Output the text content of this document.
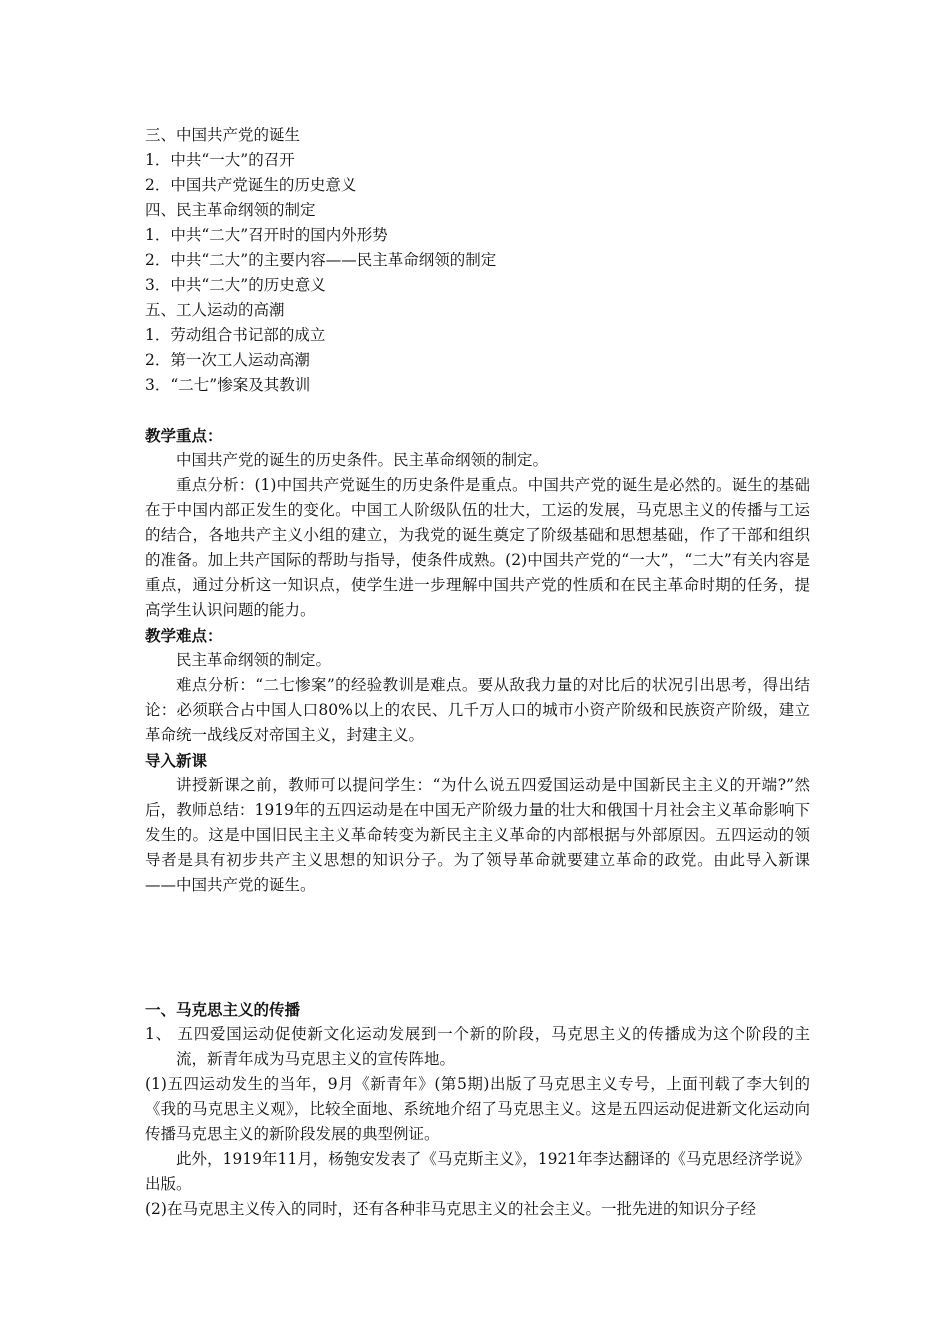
三、中国共产党的诞生
1．中共“一大”的召开
2．中国共产党诞生的历史意义
四、民主革命纲领的制定
1．中共“二大”召开时的国内外形势
2．中共“二大”的主要内容——民主革命纲领的制定
3．中共“二大”的历史意义
五、工人运动的高潮
1．劳动组合书记部的成立
2．第一次工人运动高潮
3．“二七”惨案及其教训
教学重点：
中国共产党的诞生的历史条件。民主革命纲领的制定。
重点分析：(1)中国共产党诞生的历史条件是重点。中国共产党的诞生是必然的。诞生的基础在于中国内部正发生的变化。中国工人阶级队伍的壮大，工运的发展，马克思主义的传播与工运的结合，各地共产主义小组的建立，为我党的诞生奠定了阶级基础和思想基础，作了干部和组织的准备。加上共产国际的帮助与指导，使条件成熟。(2)中国共产党的“一大”，“二大”有关内容是重点，通过分析这一知识点，使学生进一步理解中国共产党的性质和在民主革命时期的任务，提高学生认识问题的能力。
教学难点：
民主革命纲领的制定。
难点分析：“二七惨案”的经验教训是难点。要从敌我力量的对比后的状况引出思考，得出结论：必须联合占中国人口80%以上的农民、几千万人口的城市小资产阶级和民族资产阶级，建立革命统一战线反对帝国主义，封建主义。
导入新课
讲授新课之前，教师可以提问学生：“为什么说五四爱国运动是中国新民主主义的开端?”然后，教师总结：1919年的五四运动是在中国无产阶级力量的壮大和俄国十月社会主义革命影响下发生的。这是中国旧民主主义革命转变为新民主主义革命的内部根据与外部原因。五四运动的领导者是具有初步共产主义思想的知识分子。为了领导革命就要建立革命的政党。由此导入新课——中国共产党的诞生。
一、马克思主义的传播
1、 五四爱国运动促使新文化运动发展到一个新的阶段，马克思主义的传播成为这个阶段的主流，新青年成为马克思主义的宣传阵地。
(1)五四运动发生的当年，9月《新青年》(第5期)出版了马克思主义专号，上面刊载了李大钊的《我的马克思主义观》，比较全面地、系统地介绍了马克思主义。这是五四运动促进新文化运动向传播马克思主义的新阶段发展的典型例证。
此外，1919年11月，杨匏安发表了《马克斯主义》，1921年李达翻译的《马克思经济学说》出版。
(2)在马克思主义传入的同时，还有各种非马克思主义的社会主义。一批先进的知识分子经
